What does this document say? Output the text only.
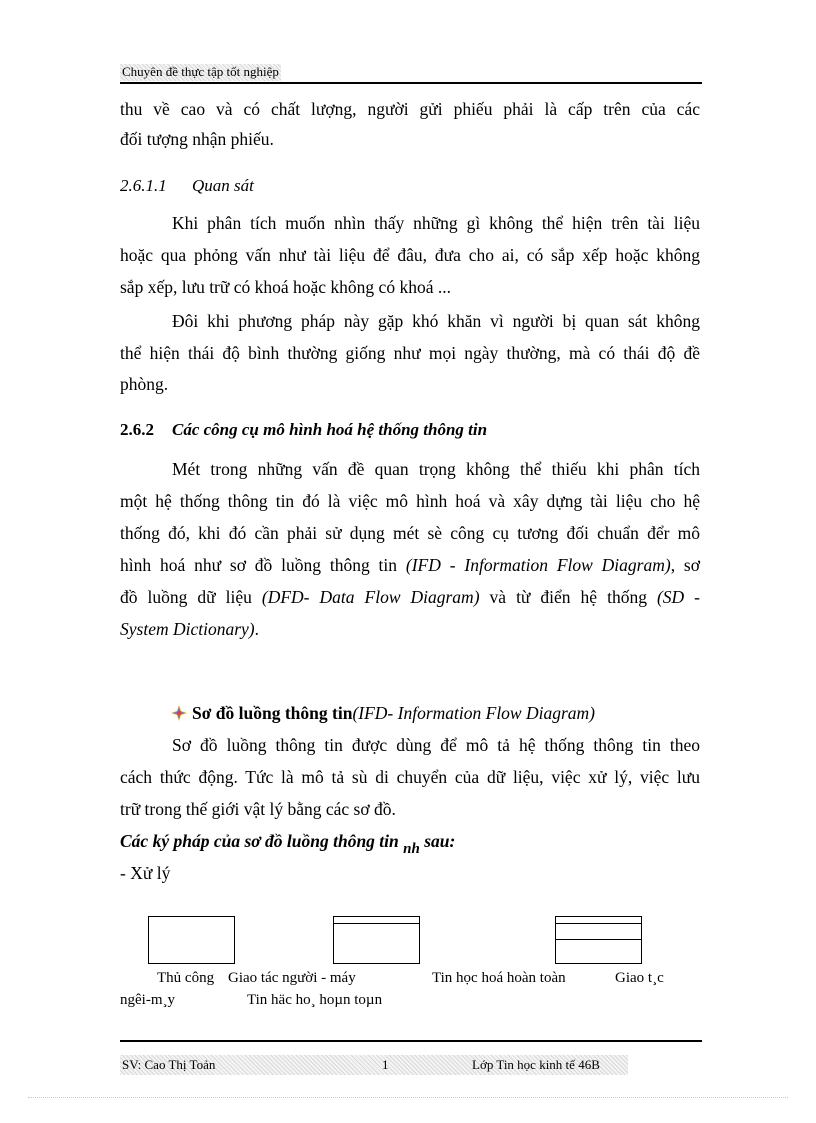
Chuyên đề thực tập tốt nghiệp
thu về cao và có chất lượng, người gửi phiếu phải là cấp trên của các
đối tượng nhận phiếu.
2.6.1.1 Quan sát
Khi phân tích muốn nhìn thấy những gì không thể hiện trên tài liệu
hoặc qua phỏng vấn như tài liệu để đâu, đưa cho ai, có sắp xếp hoặc không
sắp xếp, lưu trữ có khoá hoặc không có khoá ...
Đôi khi phương pháp này gặp khó khăn vì người bị quan sát không
thể hiện thái độ bình thường giống như mọi ngày thường, mà có thái độ đề
phòng.
2.6.2 Các công cụ mô hình hoá hệ thống thông tin
Mét trong những vấn đề quan trọng không thể thiếu khi phân tích
một hệ thống thông tin đó là việc mô hình hoá và xây dựng tài liệu cho hệ
thống đó, khi đó cần phải sử dụng mét sè công cụ tương đối chuẩn đểr mô
hình hoá như sơ đồ luồng thông tin (IFD - Information Flow Diagram), sơ
đồ luồng dữ liệu (DFD- Data Flow Diagram) và từ điển hệ thống (SD -
System Dictionary).
Sơ đồ luồng thông tin(IFD- Information Flow Diagram)
Sơ đồ luồng thông tin được dùng để mô tả hệ thống thông tin theo
cách thức động. Tức là mô tả sù di chuyển của dữ liệu, việc xử lý, việc lưu
trữ trong thế giới vật lý bằng các sơ đồ.
Các ký pháp của sơ đồ luồng thông tin nh sau:
- Xử lý
Thủ công Giao tác người - máy	Tin học hoá hoàn toàn	Giao t¸c
ngêi-m¸y	Tin häc ho¸ hoµn toµn
SV: Cao Thị Toản	1	Lớp Tin học kinh tế 46B
